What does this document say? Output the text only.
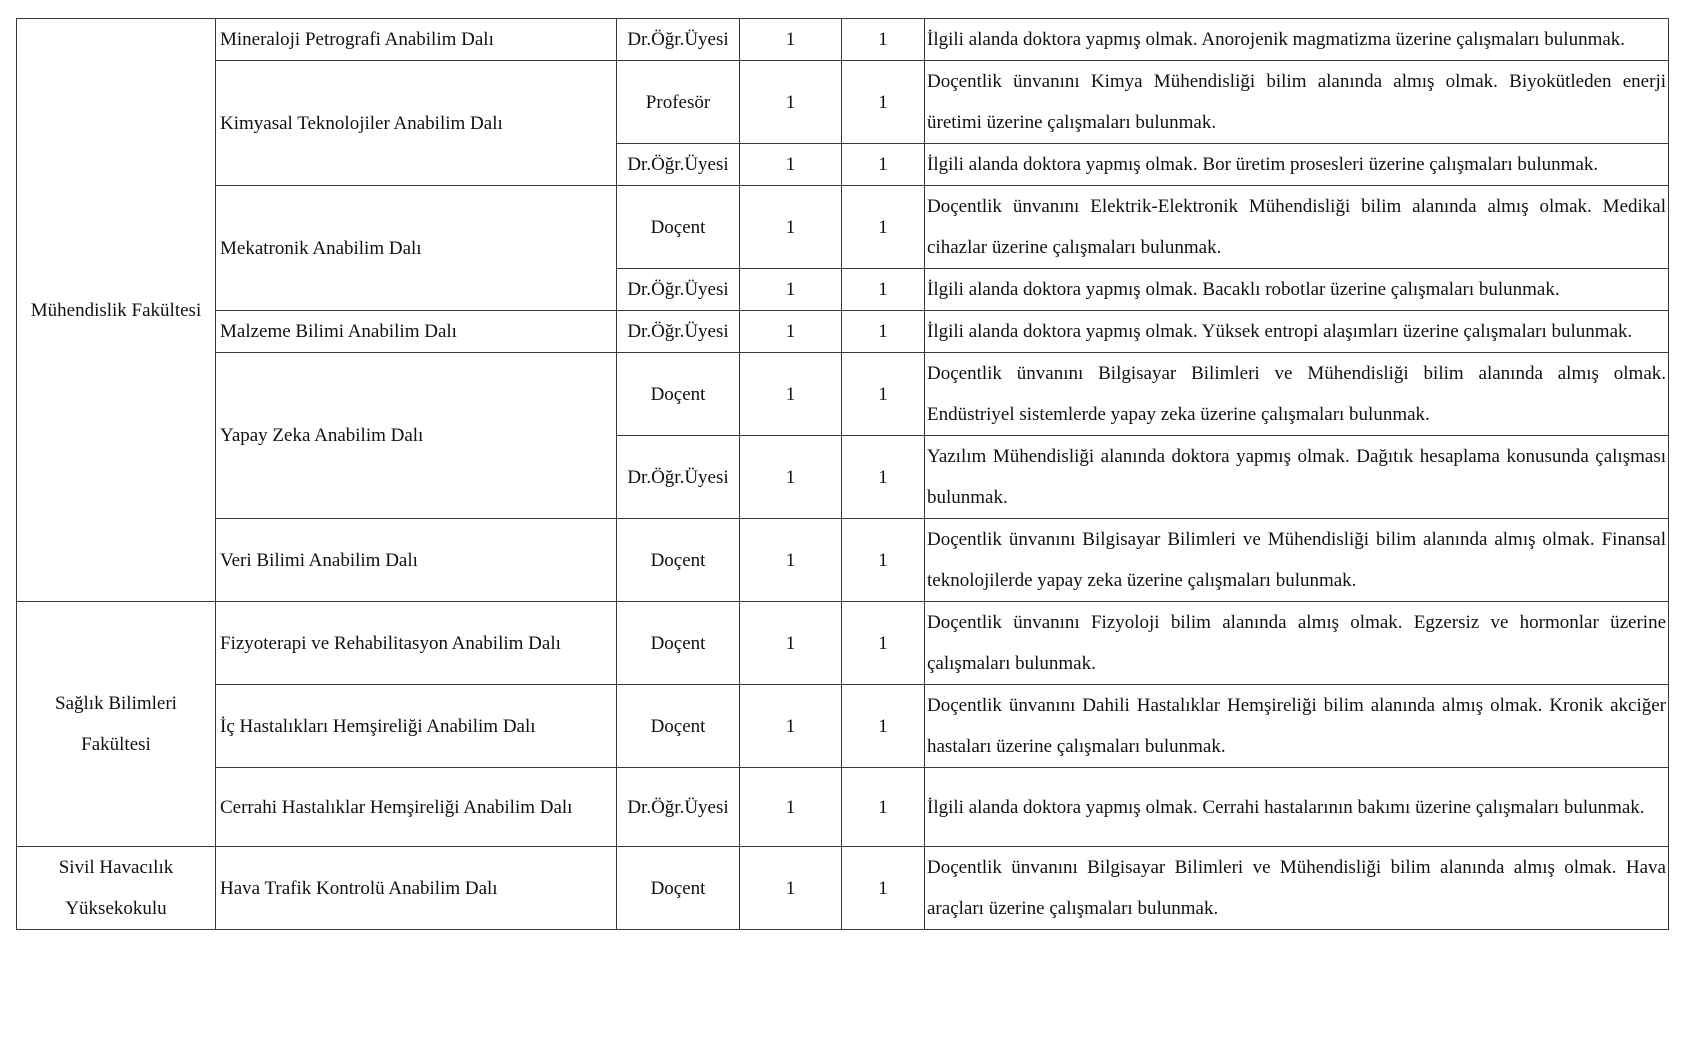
Mühendislik Fakültesi	Mineraloji Petrografi Anabilim Dalı	Dr.Öğr.Üyesi	1	1	İlgili alanda doktora yapmış olmak. Anorojenik magmatizma üzerine çalışmaları bulunmak.
	Kimyasal Teknolojiler Anabilim Dalı	Profesör	1	1	Doçentlik ünvanını Kimya Mühendisliği bilim alanında almış olmak. Biyokütleden enerji üretimi üzerine çalışmaları bulunmak.
		Dr.Öğr.Üyesi	1	1	İlgili alanda doktora yapmış olmak. Bor üretim prosesleri üzerine çalışmaları bulunmak.
	Mekatronik Anabilim Dalı	Doçent	1	1	Doçentlik ünvanını Elektrik-Elektronik Mühendisliği bilim alanında almış olmak. Medikal cihazlar üzerine çalışmaları bulunmak.
		Dr.Öğr.Üyesi	1	1	İlgili alanda doktora yapmış olmak. Bacaklı robotlar üzerine çalışmaları bulunmak.
	Malzeme Bilimi Anabilim Dalı	Dr.Öğr.Üyesi	1	1	İlgili alanda doktora yapmış olmak. Yüksek entropi alaşımları üzerine çalışmaları bulunmak.
	Yapay Zeka Anabilim Dalı	Doçent	1	1	Doçentlik ünvanını Bilgisayar Bilimleri ve Mühendisliği bilim alanında almış olmak. Endüstriyel sistemlerde yapay zeka üzerine çalışmaları bulunmak.
		Dr.Öğr.Üyesi	1	1	Yazılım Mühendisliği alanında doktora yapmış olmak. Dağıtık hesaplama konusunda çalışması bulunmak.
	Veri Bilimi Anabilim Dalı	Doçent	1	1	Doçentlik ünvanını Bilgisayar Bilimleri ve Mühendisliği bilim alanında almış olmak. Finansal teknolojilerde yapay zeka üzerine çalışmaları bulunmak.
Sağlık Bilimleri Fakültesi	Fizyoterapi ve Rehabilitasyon Anabilim Dalı	Doçent	1	1	Doçentlik ünvanını Fizyoloji bilim alanında almış olmak. Egzersiz ve hormonlar üzerine çalışmaları bulunmak.
	İç Hastalıkları Hemşireliği Anabilim Dalı	Doçent	1	1	Doçentlik ünvanını Dahili Hastalıklar Hemşireliği bilim alanında almış olmak. Kronik akciğer hastaları üzerine çalışmaları bulunmak.
	Cerrahi Hastalıklar Hemşireliği Anabilim Dalı	Dr.Öğr.Üyesi	1	1	İlgili alanda doktora yapmış olmak. Cerrahi hastalarının bakımı üzerine çalışmaları bulunmak.
Sivil Havacılık Yüksekokulu	Hava Trafik Kontrolü Anabilim Dalı	Doçent	1	1	Doçentlik ünvanını Bilgisayar Bilimleri ve Mühendisliği bilim alanında almış olmak. Hava araçları üzerine çalışmaları bulunmak.
